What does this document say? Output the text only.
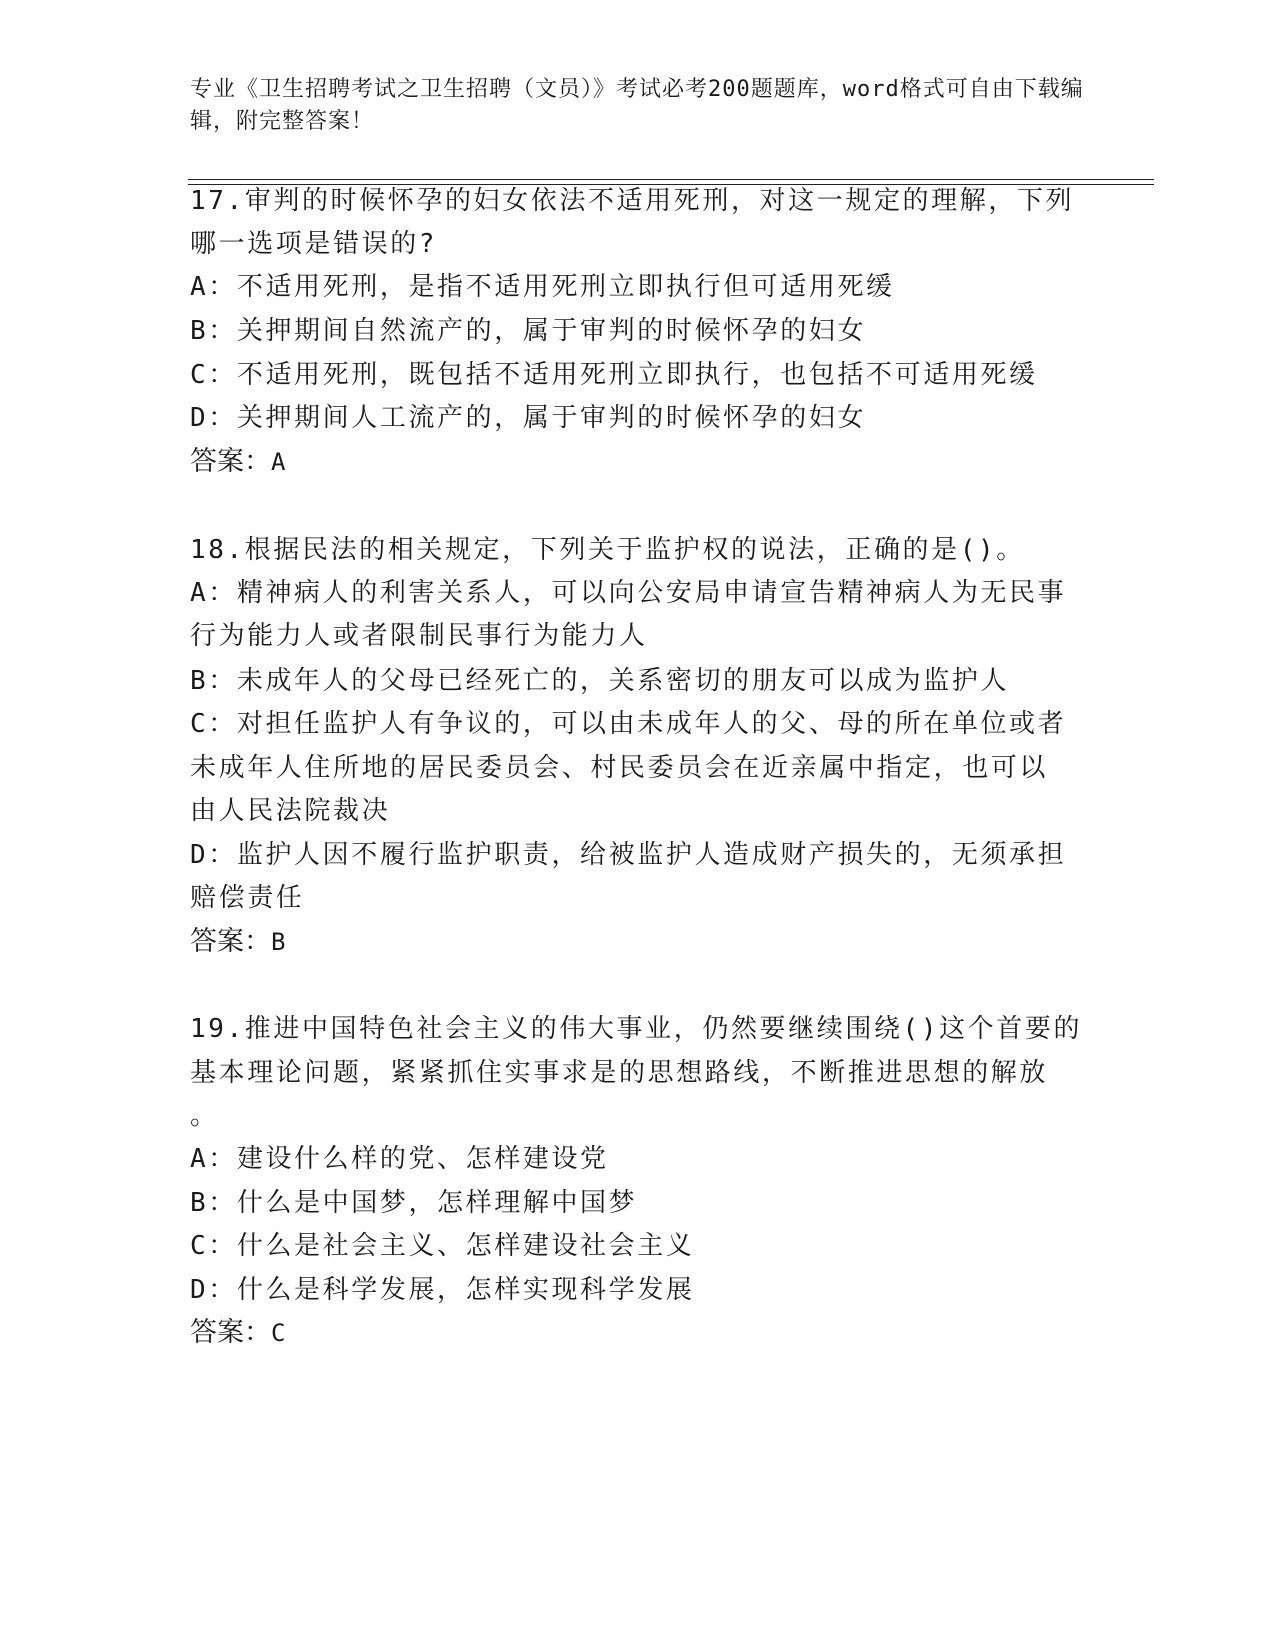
专业《卫生招聘考试之卫生招聘（文员）》考试必考200题题库，word格式可自由下载编辑，附完整答案！
17.审判的时候怀孕的妇女依法不适用死刑，对这一规定的理解，下列
哪一选项是错误的?
A：不适用死刑，是指不适用死刑立即执行但可适用死缓
B：关押期间自然流产的，属于审判的时候怀孕的妇女
C：不适用死刑，既包括不适用死刑立即执行，也包括不可适用死缓
D：关押期间人工流产的，属于审判的时候怀孕的妇女
答案：A
18.根据民法的相关规定，下列关于监护权的说法，正确的是()。
A：精神病人的利害关系人，可以向公安局申请宣告精神病人为无民事
行为能力人或者限制民事行为能力人
B：未成年人的父母已经死亡的，关系密切的朋友可以成为监护人
C：对担任监护人有争议的，可以由未成年人的父、母的所在单位或者
未成年人住所地的居民委员会、村民委员会在近亲属中指定，也可以
由人民法院裁决
D：监护人因不履行监护职责，给被监护人造成财产损失的，无须承担
赔偿责任
答案：B
19.推进中国特色社会主义的伟大事业，仍然要继续围绕()这个首要的
基本理论问题，紧紧抓住实事求是的思想路线，不断推进思想的解放
。
A：建设什么样的党、怎样建设党
B：什么是中国梦，怎样理解中国梦
C：什么是社会主义、怎样建设社会主义
D：什么是科学发展，怎样实现科学发展
答案：C
